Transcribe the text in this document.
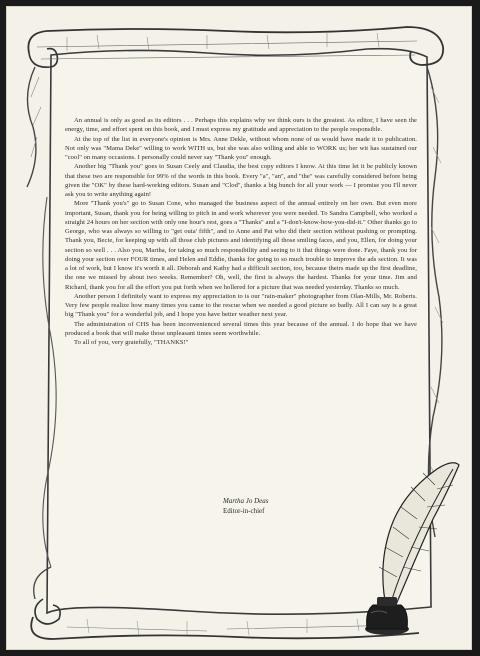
An annual is only as good as its editors . . . Perhaps this explains why we think ours is the greatest. As editor, I have seen the energy, time, and effort spent on this book, and I must express my gratitude and appreciation to the people responsible.

At the top of the list in everyone's opinion is Mrs. Anne Dekle, without whom none of us would have made it to publication. Not only was "Mama Deke" willing to work WITH us, but she was also willing and able to WORK us; her wit has sustained our "cool" on many occasions. I personally could never say "Thank you" enough.

Another big "Thank you" goes to Susan Ceely and Claudia, the best copy editors I know. At this time let it be publicly known that these two are responsible for 99% of the words in this book. Every "a", "an", and "the" was carefully considered before being given the "OK" by these hard-working editors. Susan and "Clod", thanks a big bunch for all your work — I promise you I'll never ask you to write anything again!

More "Thank you's" go to Susan Cone, who managed the business aspect of the annual entirely on her own. But even more important, Susan, thank you for being willing to pitch in and work wherever you were needed. To Sandra Campbell, who worked a straight 24 hours on her section with only one hour's rest, goes a "Thanks" and a "I-don't-know-how-you-did-it." Other thanks go to George, who was always so willing to "get outa' fifth", and to Anne and Pat who did their section without pushing or prompting. Thank you, Becie, for keeping up with all those club pictures and identifying all those smiling faces, and you, Ellen, for doing your section so well . . . Also you, Martha, for taking so much responsibility and seeing to it that things were done. Faye, thank you for doing your section over FOUR times, and Helen and Eddie, thanks for going to so much trouble to improve the ads section. It was a lot of work, but I know it's worth it all. Deborah and Kathy had a difficult section, too, because theirs made up the first deadline, the one we missed by about two weeks. Remember? Oh, well, the first is always the hardest. Thanks for your time. Jim and Richard, thank you for all the effort you put forth when we hollered for a picture that was needed yesterday. Thanks so much.

Another person I definitely want to express my appreciation to is our "rain-maker" photographer from Olan-Mills, Mr. Roberts. Very few people realize how many times you came to the rescue when we needed a good picture so badly. All I can say is a great big "Thank you" for a wonderful job, and I hope you have better weather next year.

The administration of CHS has been inconvenienced several times this year because of the annual. I do hope that we have produced a book that will make those unpleasant times seem worthwhile.

To all of you, very gratefully, "THANKS!"

Martha Jo Deas
Editor-in-chief
